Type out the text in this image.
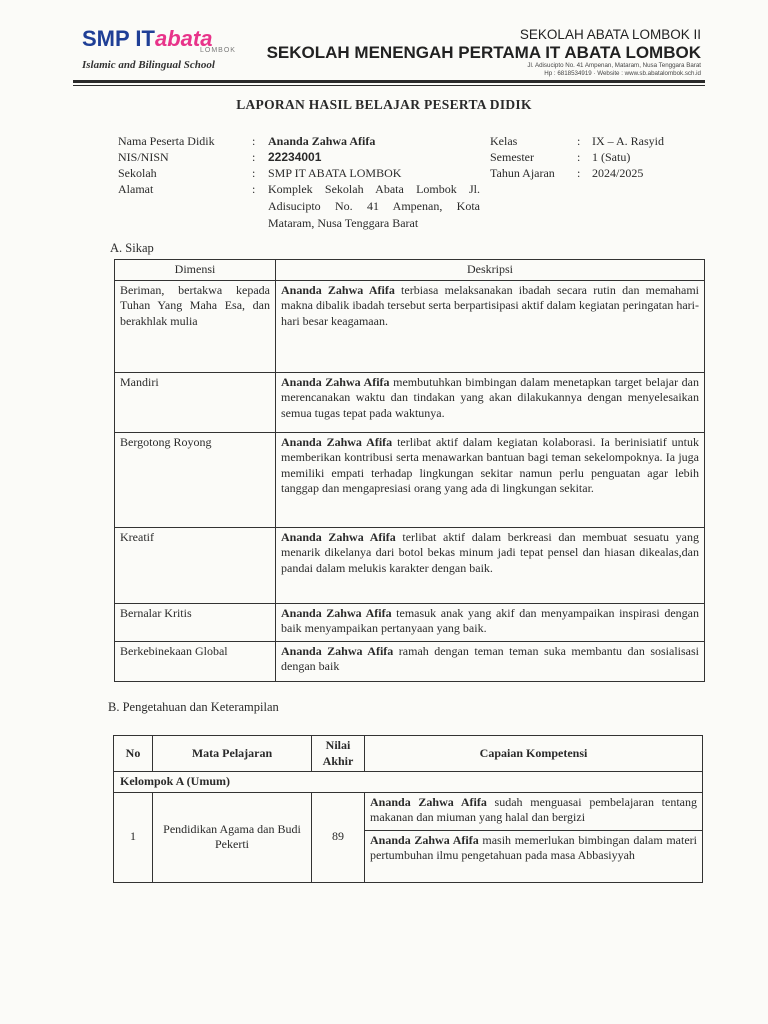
SMP ITabata
LOMBOK
Islamic and Bilingual School
SEKOLAH ABATA LOMBOK II
SEKOLAH MENENGAH PERTAMA IT ABATA LOMBOK
Jl. Adisucipto No. 41 Ampenan, Mataram, Nusa Tenggara Barat
Hp : 6818534919 · Website : www.sb.abatalombok.sch.id
LAPORAN HASIL BELAJAR PESERTA DIDIK
Nama Peserta Didik	: Ananda Zahwa Afifa
NIS/NISN	: 22234001
Sekolah	: SMP IT ABATA LOMBOK
Alamat	: Komplek Sekolah Abata Lombok Jl. Adisucipto No. 41 Ampenan, Kota Mataram, Nusa Tenggara Barat
Kelas	: IX – A. Rasyid
Semester	: 1 (Satu)
Tahun Ajaran : 2024/2025
A. Sikap
Dimensi	Deskripsi

Beriman, bertakwa kepada Tuhan Yang Maha Esa, dan berakhlak mulia	Ananda Zahwa Afifa terbiasa melaksanakan ibadah secara rutin dan memahami makna dibalik ibadah tersebut serta berpartisipasi aktif dalam kegiatan peringatan hari-hari besar keagamaan.
Mandiri	Ananda Zahwa Afifa membutuhkan bimbingan dalam menetapkan target belajar dan merencanakan waktu dan tindakan yang akan dilakukannya dengan menyelesaikan semua tugas tepat pada waktunya.
Bergotong Royong	Ananda Zahwa Afifa terlibat aktif dalam kegiatan kolaborasi. Ia berinisiatif untuk memberikan kontribusi serta menawarkan bantuan bagi teman sekelompoknya. Ia juga memiliki empati terhadap lingkungan sekitar namun perlu penguatan agar lebih tanggap dan mengapresiasi orang yang ada di lingkungan sekitar.
Kreatif	Ananda Zahwa Afifa terlibat aktif dalam berkreasi dan membuat sesuatu yang menarik dikelanya dari botol bekas minum jadi tepat pensel dan hiasan dikealas,dan pandai dalam melukis karakter dengan baik.
Bernalar Kritis	Ananda Zahwa Afifa temasuk anak yang akif dan menyampaikan inspirasi dengan baik menyampaikan pertanyaan yang baik.
Berkebinekaan Global	Ananda Zahwa Afifa ramah dengan teman teman suka membantu dan sosialisasi dengan baik
B. Pengetahuan dan Keterampilan
No	Mata Pelajaran	Nilai Akhir	Capaian Kompetensi
Kelompok A (Umum)			
1	Pendidikan Agama dan Budi Pekerti	89	Ananda Zahwa Afifa sudah menguasai pembelajaran tentang makanan dan miuman yang halal dan bergizi
			Ananda Zahwa Afifa masih memerlukan bimbingan dalam materi pertumbuhan ilmu pengetahuan pada masa Abbasiyyah
